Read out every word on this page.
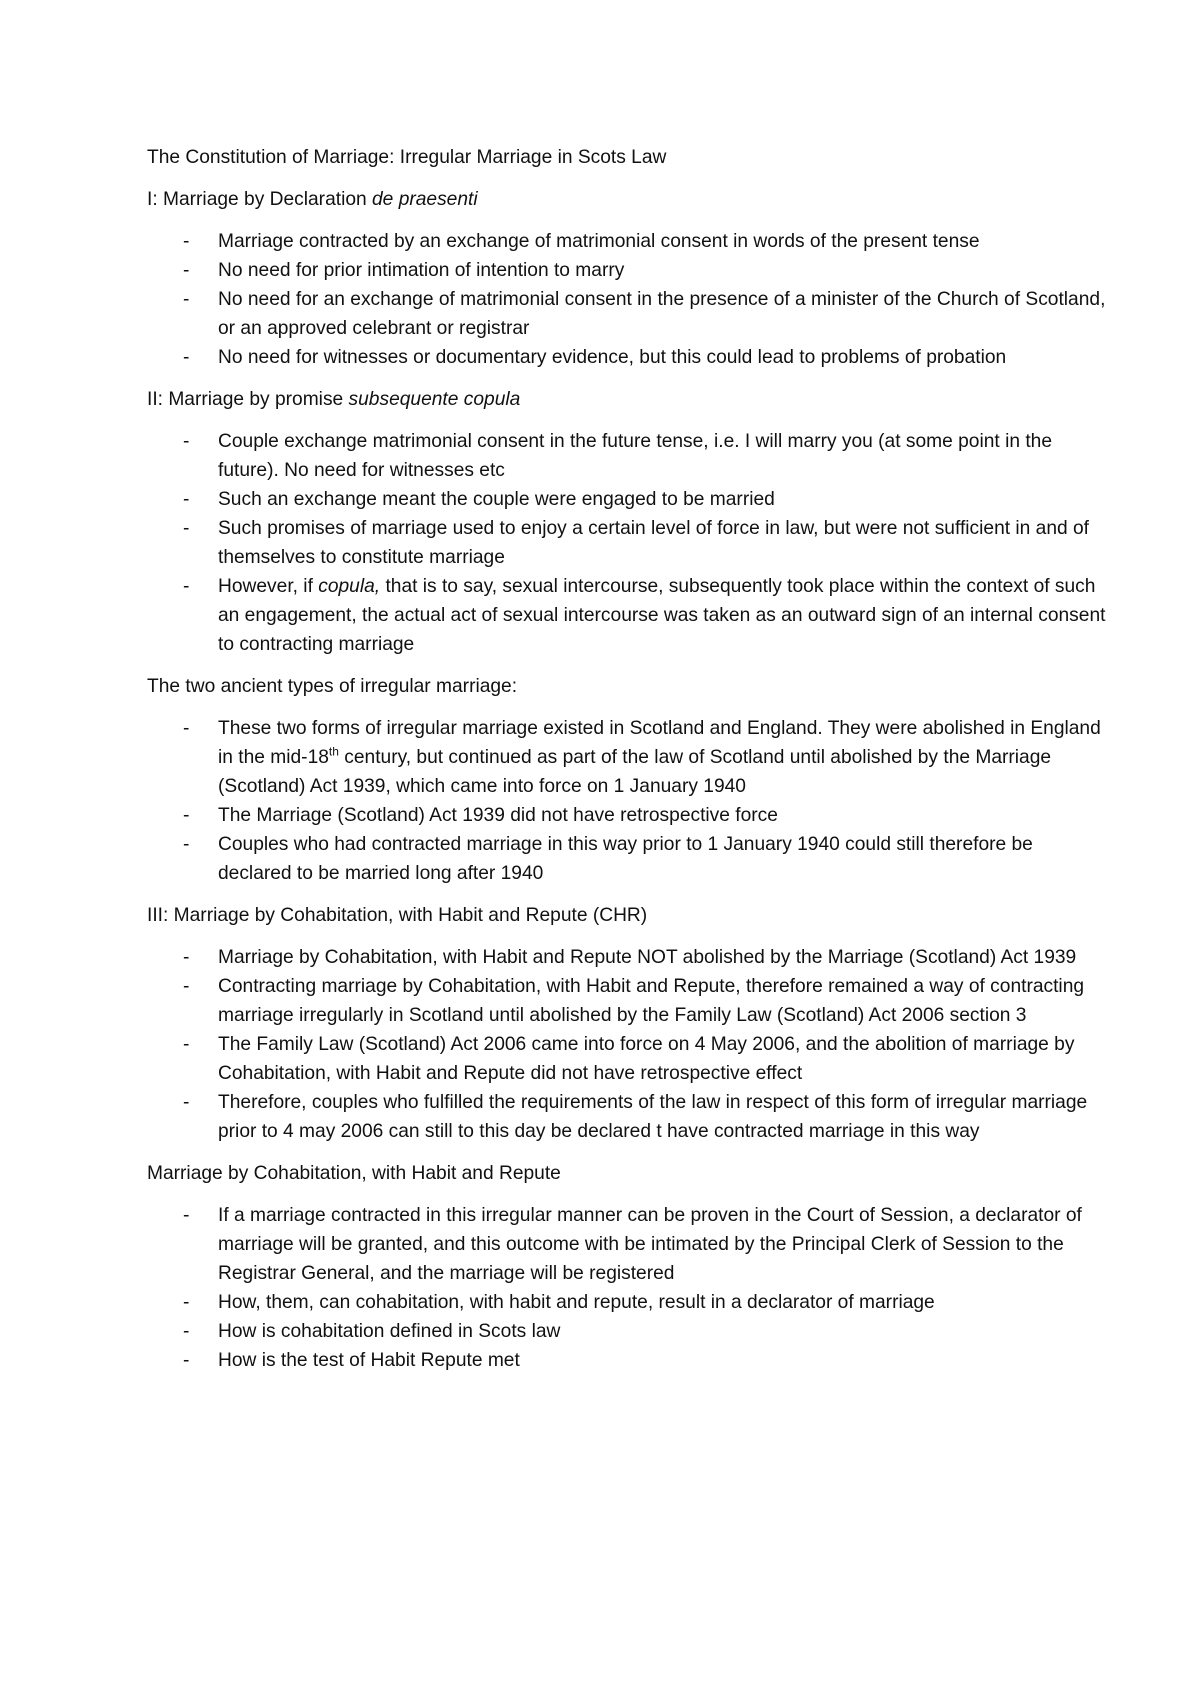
The Constitution of Marriage: Irregular Marriage in Scots Law
I: Marriage by Declaration de praesenti
- Marriage contracted by an exchange of matrimonial consent in words of the present tense
- No need for prior intimation of intention to marry
- No need for an exchange of matrimonial consent in the presence of a minister of the Church of Scotland, or an approved celebrant or registrar
- No need for witnesses or documentary evidence, but this could lead to problems of probation
II: Marriage by promise subsequente copula
- Couple exchange matrimonial consent in the future tense, i.e. I will marry you (at some point in the future). No need for witnesses etc
- Such an exchange meant the couple were engaged to be married
- Such promises of marriage used to enjoy a certain level of force in law, but were not sufficient in and of themselves to constitute marriage
- However, if copula, that is to say, sexual intercourse, subsequently took place within the context of such an engagement, the actual act of sexual intercourse was taken as an outward sign of an internal consent to contracting marriage
The two ancient types of irregular marriage:
- These two forms of irregular marriage existed in Scotland and England. They were abolished in England in the mid-18th century, but continued as part of the law of Scotland until abolished by the Marriage (Scotland) Act 1939, which came into force on 1 January 1940
- The Marriage (Scotland) Act 1939 did not have retrospective force
- Couples who had contracted marriage in this way prior to 1 January 1940 could still therefore be declared to be married long after 1940
III: Marriage by Cohabitation, with Habit and Repute (CHR)
- Marriage by Cohabitation, with Habit and Repute NOT abolished by the Marriage (Scotland) Act 1939
- Contracting marriage by Cohabitation, with Habit and Repute, therefore remained a way of contracting marriage irregularly in Scotland until abolished by the Family Law (Scotland) Act 2006 section 3
- The Family Law (Scotland) Act 2006 came into force on 4 May 2006, and the abolition of marriage by Cohabitation, with Habit and Repute did not have retrospective effect
- Therefore, couples who fulfilled the requirements of the law in respect of this form of irregular marriage prior to 4 may 2006 can still to this day be declared t have contracted marriage in this way
Marriage by Cohabitation, with Habit and Repute
- If a marriage contracted in this irregular manner can be proven in the Court of Session, a declarator of marriage will be granted, and this outcome with be intimated by the Principal Clerk of Session to the Registrar General, and the marriage will be registered
- How, them, can cohabitation, with habit and repute, result in a declarator of marriage
- How is cohabitation defined in Scots law
- How is the test of Habit Repute met
